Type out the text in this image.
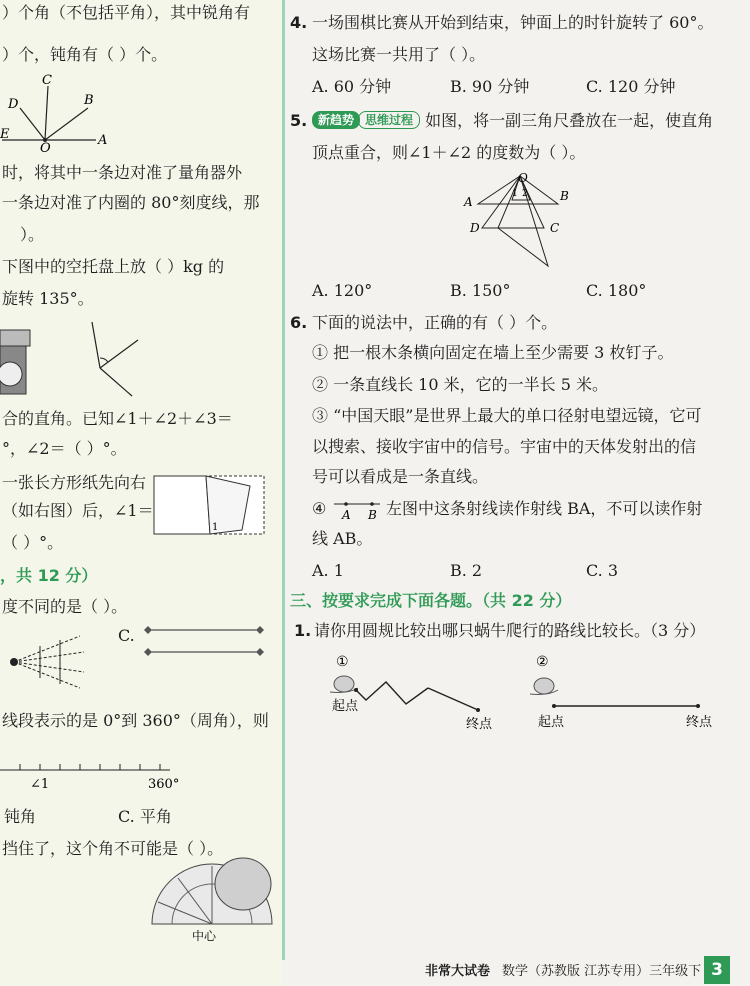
）个角（不包括平角），其中锐角有
）个，钝角有（ ）个。
C
D	B
E
O
A
时，将其中一条边对准了量角器外
一条边对准了内圈的 80°刻度线，那
）。
下图中的空托盘上放（ ）kg 的
旋转 135°。
合的直角。已知∠1＋∠2＋∠3＝
°，∠2＝（ ）°。
一张长方形纸先向右
（如右图）后，∠1＝
（ ）°。
1
，共 12 分）
度不同的是（ ）。
C.
线段表示的是 0°到 360°（周角），则
∠1	360°
钝角	C. 平角
挡住了，这个角不可能是（ ）。
中心
4. 一场围棋比赛从开始到结束，钟面上的时针旋转了 60°。
这场比赛一共用了（ ）。
A. 60 分钟	B. 90 分钟	C. 120 分钟
5. 新趋势 思维过程 如图，将一副三角尺叠放在一起，使直角
顶点重合，则∠1＋∠2 的度数为（ ）。
O
A	B
D	C
1 2
A. 120°	B. 150°	C. 180°
6. 下面的说法中，正确的有（ ）个。
① 把一根木条横向固定在墙上至少需要 3 枚钉子。
② 一条直线长 10 米，它的一半长 5 米。
③ “中国天眼”是世界上最大的单口径射电望远镜，它可
以搜索、接收宇宙中的信号。宇宙中的天体发射出的信
号可以看成是一条直线。
④ A B 左图中这条射线读作射线 BA，不可以读作射
线 AB。
A. 1	B. 2	C. 3
三、按要求完成下面各题。（共 22 分）
1. 请你用圆规比较出哪只蜗牛爬行的路线比较长。（3 分）
①
起点
终点
②
起点	终点
非常大试卷 数学（苏教版 江苏专用）三年级下 3
